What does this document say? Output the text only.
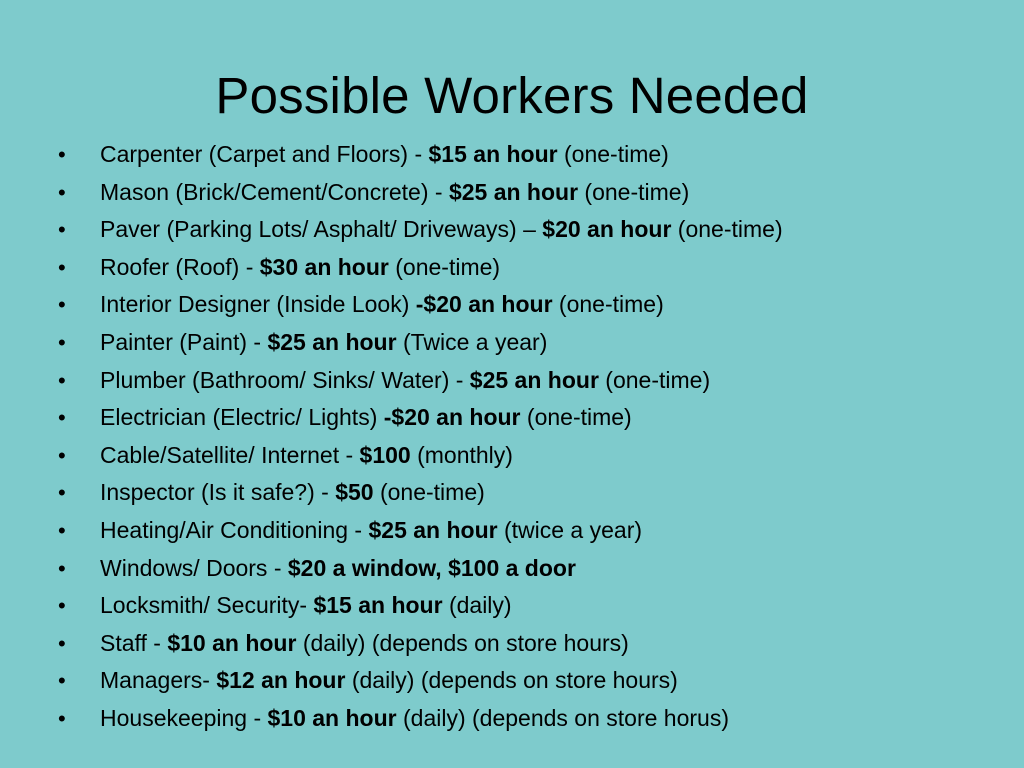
Possible Workers Needed
•	Carpenter (Carpet and Floors) - $15 an hour (one-time)
•	Mason (Brick/Cement/Concrete) - $25 an hour (one-time)
•	Paver (Parking Lots/ Asphalt/ Driveways) – $20 an hour (one-time)
•	Roofer (Roof) - $30 an hour (one-time)
•	Interior Designer (Inside Look) -$20 an hour (one-time)
•	Painter (Paint) - $25 an hour (Twice a year)
•	Plumber (Bathroom/ Sinks/ Water) - $25 an hour (one-time)
•	Electrician (Electric/ Lights) -$20 an hour (one-time)
•	Cable/Satellite/ Internet - $100 (monthly)
•	Inspector (Is it safe?) - $50 (one-time)
•	Heating/Air Conditioning - $25 an hour (twice a year)
•	Windows/ Doors - $20 a window, $100 a door
•	Locksmith/ Security- $15 an hour (daily)
•	Staff - $10 an hour (daily) (depends on store hours)
•	Managers- $12 an hour (daily) (depends on store hours)
•	Housekeeping - $10 an hour (daily) (depends on store horus)
